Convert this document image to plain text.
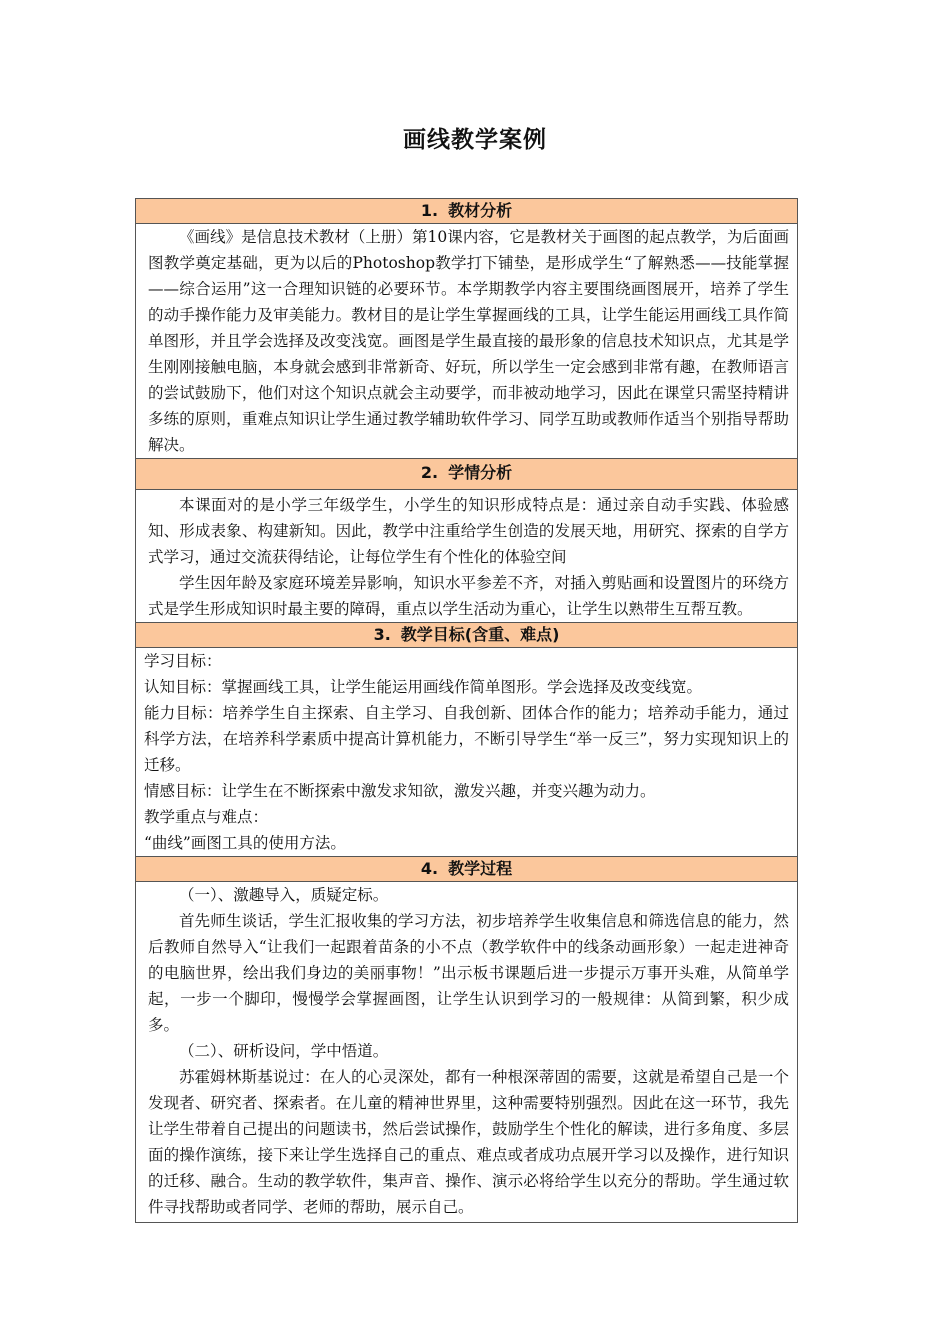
画线教学案例
1. 教材分析

《画线》是信息技术教材（上册）第10课内容，它是教材关于画图的起点教学，为后面画图教学奠定基础，更为以后的Photoshop教学打下铺垫，是形成学生“了解熟悉——技能掌握——综合运用”这一合理知识链的必要环节。本学期教学内容主要围绕画图展开，培养了学生的动手操作能力及审美能力。教材目的是让学生掌握画线的工具，让学生能运用画线工具作简单图形，并且学会选择及改变浅宽。画图是学生最直接的最形象的信息技术知识点，尤其是学生刚刚接触电脑，本身就会感到非常新奇、好玩，所以学生一定会感到非常有趣，在教师语言的尝试鼓励下，他们对这个知识点就会主动要学，而非被动地学习，因此在课堂只需坚持精讲多练的原则，重难点知识让学生通过教学辅助软件学习、同学互助或教师作适当个别指导帮助解决。

2. 学情分析

本课面对的是小学三年级学生，小学生的知识形成特点是：通过亲自动手实践、体验感知、形成表象、构建新知。因此，教学中注重给学生创造的发展天地，用研究、探索的自学方式学习，通过交流获得结论，让每位学生有个性化的体验空间

学生因年龄及家庭环境差异影响，知识水平参差不齐，对插入剪贴画和设置图片的环绕方式是学生形成知识时最主要的障碍，重点以学生活动为重心，让学生以熟带生互帮互教。

3. 教学目标(含重、难点)

学习目标：

认知目标：掌握画线工具，让学生能运用画线作简单图形。学会选择及改变线宽。

能力目标：培养学生自主探索、自主学习、自我创新、团体合作的能力；培养动手能力，通过科学方法，在培养科学素质中提高计算机能力，不断引导学生“举一反三”，努力实现知识上的迁移。

情感目标：让学生在不断探索中激发求知欲，激发兴趣，并变兴趣为动力。

教学重点与难点：

“曲线”画图工具的使用方法。

4. 教学过程

（一）、激趣导入，质疑定标。

首先师生谈话，学生汇报收集的学习方法，初步培养学生收集信息和筛选信息的能力，然后教师自然导入“让我们一起跟着苗条的小不点（教学软件中的线条动画形象）一起走进神奇的电脑世界，绘出我们身边的美丽事物！”出示板书课题后进一步提示万事开头难，从简单学起，一步一个脚印，慢慢学会掌握画图，让学生认识到学习的一般规律：从简到繁，积少成多。

（二）、研析设问，学中悟道。

苏霍姆林斯基说过：在人的心灵深处，都有一种根深蒂固的需要，这就是希望自己是一个发现者、研究者、探索者。在儿童的精神世界里，这种需要特别强烈。因此在这一环节，我先让学生带着自己提出的问题读书，然后尝试操作，鼓励学生个性化的解读，进行多角度、多层面的操作演练，接下来让学生选择自己的重点、难点或者成功点展开学习以及操作，进行知识的迁移、融合。生动的教学软件，集声音、操作、演示必将给学生以充分的帮助。学生通过软件寻找帮助或者同学、老师的帮助，展示自己。
